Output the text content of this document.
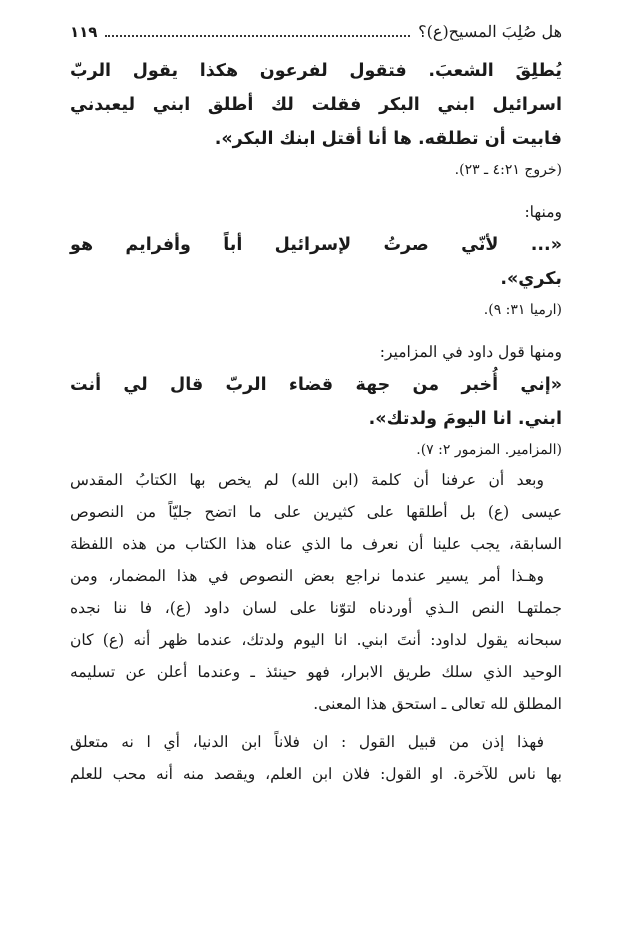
هل صُلِبَ المسيح(ع)؟
١١٩

يُطلِقَ الشعبَ. فتقول لفرعون هكذا يقول الربّ

اسرائيل ابني البكر فقلت لك أطلق ابني ليعبدني

فابيت أن تطلقه. ها أنا أقتل ابنك البكر».

(خروج ٤:٢١ ـ ٢٣).

ومنها:

«... لأنّي صرتُ لإسرائيل أباً وأفرايم هو

بكري».

(ارميا ٣١: ٩).

ومنها قول داود في المزامير:

«إني أُخبر من جهة قضاء الربّ قال لي أنت

ابني. انا اليومَ ولدتك».

(المزامير. المزمور ٢: ٧).

وبعد أن عرفنا أن كلمة (ابن الله) لم يخص بها الكتابُ المقدس

عيسى (ع) بل أطلقها على كثيرين على ما اتضح جليّاً من النصوص

السابقة، يجب علينا أن نعرف ما الذي عناه هذا الكتاب من هذه اللفظة

وهـذا أمر يسير عندما نراجع بعض النصوص في هذا المضمار، ومن

جملتهـا النص الـذي أوردناه لتوّنا على لسان داود (ع)، فا ننا نجده

سبحانه يقول لداود: أنتَ ابني. انا اليوم ولدتك، عندما ظهر أنه (ع) كان

الوحيد الذي سلك طريق الابرار، فهو حينئذ ـ وعندما أعلن عن تسليمه

المطلق لله تعالى ـ استحق هذا المعنى.

فهذا إذن من قبيل القول : ان فلاناً ابن الدنيا، أي ا نه متعلق

بها ناس للآخرة. او القول: فلان ابن العلم، ويقصد منه أنه محب للعلم
